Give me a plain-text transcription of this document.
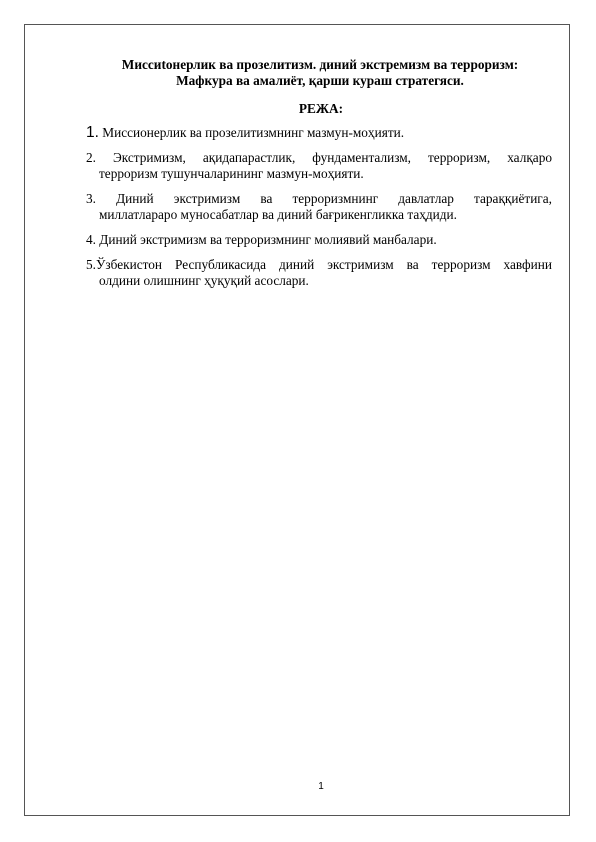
Миссиtoнерлик ва прозелитизм. диний экстремизм ва терроризм:
Мафкура ва амалиёт, қарши кураш стратегяси.
РЕЖА:
1. Миссионерлик ва прозелитизмнинг мазмун-моҳияти.
2. Экстримизм, ақидапарастлик, фундаментализм, терроризм, халқаро
терроризм тушунчаларининг мазмун-моҳияти.
3. Диний экстримизм ва терроризмнинг давлатлар тараққиётига,
миллатлараро муносабатлар ва диний бағрикенгликка таҳдиди.
4. Диний экстримизм ва терроризмнинг молиявий манбалари.
5.Ўзбекистон Республикасида диний экстримизм ва терроризм хавфини
олдини олишнинг ҳуқуқий асослари.
1
